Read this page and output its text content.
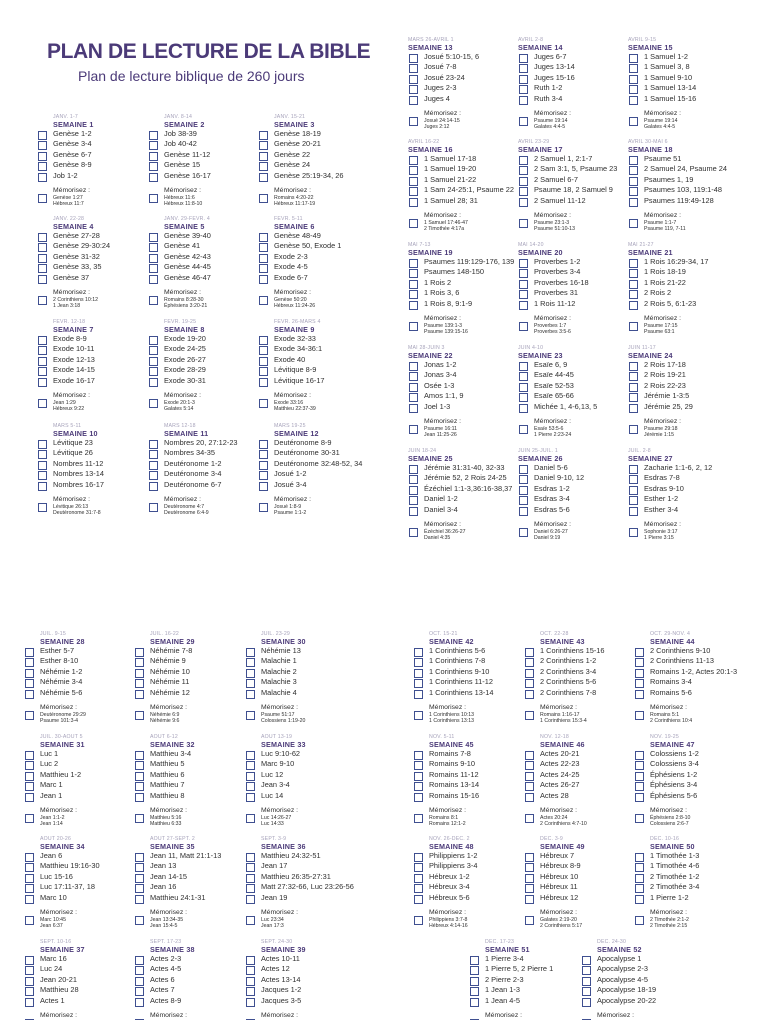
PLAN DE LECTURE DE LA BIBLE
Plan de lecture biblique de 260 jours
JANV. 1-7
SEMAINE 1
Genèse 1-2
Genèse 3-4
Genèse 6-7
Genèse 8-9
Job 1-2
Mémorisez :
Genèse 1:27
Hébreux 11:7
JANV. 8-14
SEMAINE 2
Job 38-39
Job 40-42
Genèse 11-12
Genèse 15
Genèse 16-17
Mémorisez :
Hébreux 11:6
Hébreux 11:8-10
JANV. 15-21
SEMAINE 3
Genèse 18-19
Genèse 20-21
Genèse 22
Genèse 24
Genèse 25:19-34, 26
Mémorisez :
Romains 4:20-22
Hébreux 11:17-19
JANV. 22-28
SEMAINE 4
Genèse 27-28
Genèse 29-30:24
Genèse 31-32
Genèse 33, 35
Genèse 37
Mémorisez :
2 Corinthiens 10:12
1 Jean 3:18
JANV. 29-FÉVR. 4
SEMAINE 5
Genèse 39-40
Genèse 41
Genèse 42-43
Genèse 44-45
Genèse 46-47
Mémorisez :
Romains 8:28-30
Éphésiens 3:20-21
FÉVR. 5-11
SEMAINE 6
Genèse 48-49
Genèse 50, Exode 1
Exode 2-3
Exode 4-5
Exode 6-7
Mémorisez :
Genèse 50:20
Hébreux 11:24-26
FÉVR. 12-18
SEMAINE 7
Exode 8-9
Exode 10-11
Exode 12-13
Exode 14-15
Exode 16-17
Mémorisez :
Jean 1:29
Hébreux 9:22
FÉVR. 19-25
SEMAINE 8
Exode 19-20
Exode 24-25
Exode 26-27
Exode 28-29
Exode 30-31
Mémorisez :
Exode 20:1-3
Galates 5:14
FÉVR. 26-MARS 4
SEMAINE 9
Exode 32-33
Exode 34-36:1
Exode 40
Lévitique 8-9
Lévitique 16-17
Mémorisez :
Exode 33:16
Matthieu 22:37-39
MARS 5-11
SEMAINE 10
Lévitique 23
Lévitique 26
Nombres 11-12
Nombres 13-14
Nombres 16-17
Mémorisez :
Lévitique 26:13
Deutéronome 31:7-8
MARS 12-18
SEMAINE 11
Nombres 20, 27:12-23
Nombres 34-35
Deutéronome 1-2
Deutéronome 3-4
Deutéronome 6-7
Mémorisez :
Deutéronome 4:7
Deutéronome 6:4-9
MARS 19-25
SEMAINE 12
Deutéronome 8-9
Deutéronome 30-31
Deutéronome 32:48-52, 34
Josué 1-2
Josué 3-4
Mémorisez :
Josué 1:8-9
Psaume 1:1-2
MARS 26-AVRIL 1
SEMAINE 13
Josué 5:10-15, 6
Josué 7-8
Josué 23-24
Juges 2-3
Juges 4
Mémorisez :
Josué 24:14-15
Juges 2:12
AVRIL 2-8
SEMAINE 14
Juges 6-7
Juges 13-14
Juges 15-16
Ruth 1-2
Ruth 3-4
Mémorisez :
Psaume 19:14
Galates 4:4-5
AVRIL 9-15
SEMAINE 15
1 Samuel 1-2
1 Samuel 3, 8
1 Samuel 9-10
1 Samuel 13-14
1 Samuel 15-16
Mémorisez :
Psaume 19:14
Galates 4:4-5
AVRIL 16-22
SEMAINE 16
1 Samuel 17-18
1 Samuel 19-20
1 Samuel 21-22
1 Sam 24-25:1, Psaume 22
1 Samuel 28; 31
Mémorisez :
1 Samuel 17:46-47
2 Timothée 4:17a
AVRIL 23-29
SEMAINE 17
2 Samuel 1, 2:1-7
2 Sam 3:1, 5, Psaume 23
2 Samuel 6-7
Psaume 18, 2 Samuel 9
2 Samuel 11-12
Mémorisez :
Psaume 23:1-3
Psaume 51:10-13
AVRIL 30-MAI 6
SEMAINE 18
Psaume 51
2 Samuel 24, Psaume 24
Psaumes 1, 19
Psaumes 103, 119:1-48
Psaumes 119:49-128
Mémorisez :
Psaume 1:1-7
Psaume 119, 7-11
MAI 7-13
SEMAINE 19
Psaumes 119:129-176, 139
Psaumes 148-150
1 Rois 2
1 Rois 3, 6
1 Rois 8, 9:1-9
Mémorisez :
Psaume 139:1-3
Psaume 139:15-16
MAI 14-20
SEMAINE 20
Proverbes 1-2
Proverbes 3-4
Proverbes 16-18
Proverbes 31
1 Rois 11-12
Mémorisez :
Proverbes 1:7
Proverbes 3:5-6
MAI 21-27
SEMAINE 21
1 Rois 16:29-34, 17
1 Rois 18-19
1 Rois 21-22
2 Rois 2
2 Rois 5, 6:1-23
Mémorisez :
Psaume 17:15
Psaume 63:1
MAI 28-JUIN 3
SEMAINE 22
Jonas 1-2
Jonas 3-4
Osée 1-3
Amos 1:1, 9
Joel 1-3
Mémorisez :
Psaume 16:11
Jean 11:25-26
JUIN 4-10
SEMAINE 23
Esaïe 6, 9
Esaïe 44-45
Esaïe 52-53
Esaïe 65-66
Michée 1, 4-6,13, 5
Mémorisez :
Esaïe 53:5-6
1 Pierre 2:23-24
JUIN 11-17
SEMAINE 24
2 Rois 17-18
2 Rois 19-21
2 Rois 22-23
Jérémie 1-3:5
Jérémie 25, 29
Mémorisez :
Psaume 29:18
Jérémie 1:15
JUIN 18-24
SEMAINE 25
Jérémie 31:31-40, 32-33
Jérémie 52, 2 Rois 24-25
Ézéchiel 1:1-3,36:16-38,37
Daniel 1-2
Daniel 3-4
Mémorisez :
Ézéchiel 36:26-27
Daniel 4:35
JUIN 25-JUIL. 1
SEMAINE 26
Daniel 5-6
Daniel 9-10, 12
Esdras 1-2
Esdras 3-4
Esdras 5-6
Mémorisez :
Daniel 6:26-27
Daniel 9:19
JUIL. 2-8
SEMAINE 27
Zacharie 1:1-6, 2, 12
Esdras 7-8
Esdras 9-10
Esther 1-2
Esther 3-4
Mémorisez :
Sophonie 3:17
1 Pierre 3:15
JUIL. 9-15
SEMAINE 28
Esther 5-7
Esther 8-10
Néhémie 1-2
Néhémie 3-4
Néhémie 5-6
Mémorisez :
Deutéronome 29:29
Psaume 101:3-4
JUIL. 16-22
SEMAINE 29
Néhémie 7-8
Néhémie 9
Néhémie 10
Néhémie 11
Néhémie 12
Mémorisez :
Néhémie 6:9
Néhémie 9:6
JUIL. 23-29
SEMAINE 30
Néhémie 13
Malachie 1
Malachie 2
Malachie 3
Malachie 4
Mémorisez :
Psaume 51:17
Colossiens 1:19-20
JUIL. 30-AOÛT 5
SEMAINE 31
Luc 1
Luc 2
Matthieu 1-2
Marc 1
Jean 1
Mémorisez :
Jean 1:1-2
Jean 1:14
AOÛT 6-12
SEMAINE 32
Matthieu 3-4
Matthieu 5
Matthieu 6
Matthieu 7
Matthieu 8
Mémorisez :
Matthieu 5:16
Matthieu 6:33
AOÛT 13-19
SEMAINE 33
Luc 9:10-62
Marc 9-10
Luc 12
Jean 3-4
Luc 14
Mémorisez :
Luc 14:26-27
Luc 14:33
AOÛT 20-26
SEMAINE 34
Jean 6
Matthieu 19:16-30
Luc 15-16
Luc 17:11-37, 18
Marc 10
Mémorisez :
Marc 10:45
Jean 6:37
AOÛT 27-SEPT. 2
SEMAINE 35
Jean 11, Matt 21:1-13
Jean 13
Jean 14-15
Jean 16
Matthieu 24:1-31
Mémorisez :
Jean 13:34-35
Jean 15:4-5
SEPT. 3-9
SEMAINE 36
Matthieu 24:32-51
Jean 17
Matthieu 26:35-27:31
Matt 27:32-66, Luc 23:26-56
Jean 19
Mémorisez :
Luc 23:34
Jean 17:3
SEPT. 10-16
SEMAINE 37
Marc 16
Luc 24
Jean 20-21
Matthieu 28
Actes 1
Mémorisez :
SEPT. 17-23
SEMAINE 38
Actes 2-3
Actes 4-5
Actes 6
Actes 7
Actes 8-9
Mémorisez :
SEPT. 24-30
SEMAINE 39
Actes 10-11
Actes 12
Actes 13-14
Jacques 1-2
Jacques 3-5
Mémorisez :
OCT. 15-21
SEMAINE 42
1 Corinthiens 5-6
1 Corinthiens 7-8
1 Corinthiens 9-10
1 Corinthiens 11-12
1 Corinthiens 13-14
Mémorisez :
1 Corinthiens 10:13
1 Corinthiens 13:13
OCT. 22-28
SEMAINE 43
1 Corinthiens 15-16
2 Corinthiens 1-2
2 Corinthiens 3-4
2 Corinthiens 5-6
2 Corinthiens 7-8
Mémorisez :
Romains 1:16-17
1 Corinthiens 15:3-4
OCT. 29-NOV. 4
SEMAINE 44
2 Corinthiens 9-10
2 Corinthiens 11-13
Romains 1-2, Actes 20:1-3
Romains 3-4
Romains 5-6
Mémorisez :
Romains 5:1
2 Corinthiens 10:4
NOV. 5-11
SEMAINE 45
Romains 7-8
Romains 9-10
Romains 11-12
Romains 13-14
Romains 15-16
Mémorisez :
Romains 8:1
Romains 12:1-2
NOV. 12-18
SEMAINE 46
Actes 20-21
Actes 22-23
Actes 24-25
Actes 26-27
Actes 28
Mémorisez :
Actes 20:24
2 Corinthiens 4:7-10
NOV. 19-25
SEMAINE 47
Colossiens 1-2
Colossiens 3-4
Éphésiens 1-2
Éphésiens 3-4
Éphésiens 5-6
Mémorisez :
Éphésiens 2:8-10
Colossiens 2:6-7
NOV. 26-DÉC. 2
SEMAINE 48
Philippiens 1-2
Philippiens 3-4
Hébreux 1-2
Hébreux 3-4
Hébreux 5-6
Mémorisez :
Philippiens 3:7-8
Hébreux 4:14-16
DÉC. 3-9
SEMAINE 49
Hébreux 7
Hébreux 8-9
Hébreux 10
Hébreux 11
Hébreux 12
Mémorisez :
Galates 2:19-20
2 Corinthiens 5:17
DÉC. 10-16
SEMAINE 50
1 Timothée 1-3
1 Timothée 4-6
2 Timothée 1-2
2 Timothée 3-4
1 Pierre 1-2
Mémorisez :
2 Timothée 2:1-2
2 Timothée 2:15
DÉC. 17-23
SEMAINE 51
1 Pierre 3-4
1 Pierre 5, 2 Pierre 1
2 Pierre 2-3
1 Jean 1-3
1 Jean 4-5
Mémorisez :
DÉC. 24-30
SEMAINE 52
Apocalypse 1
Apocalypse 2-3
Apocalypse 4-5
Apocalypse 18-19
Apocalypse 20-22
Mémorisez :
